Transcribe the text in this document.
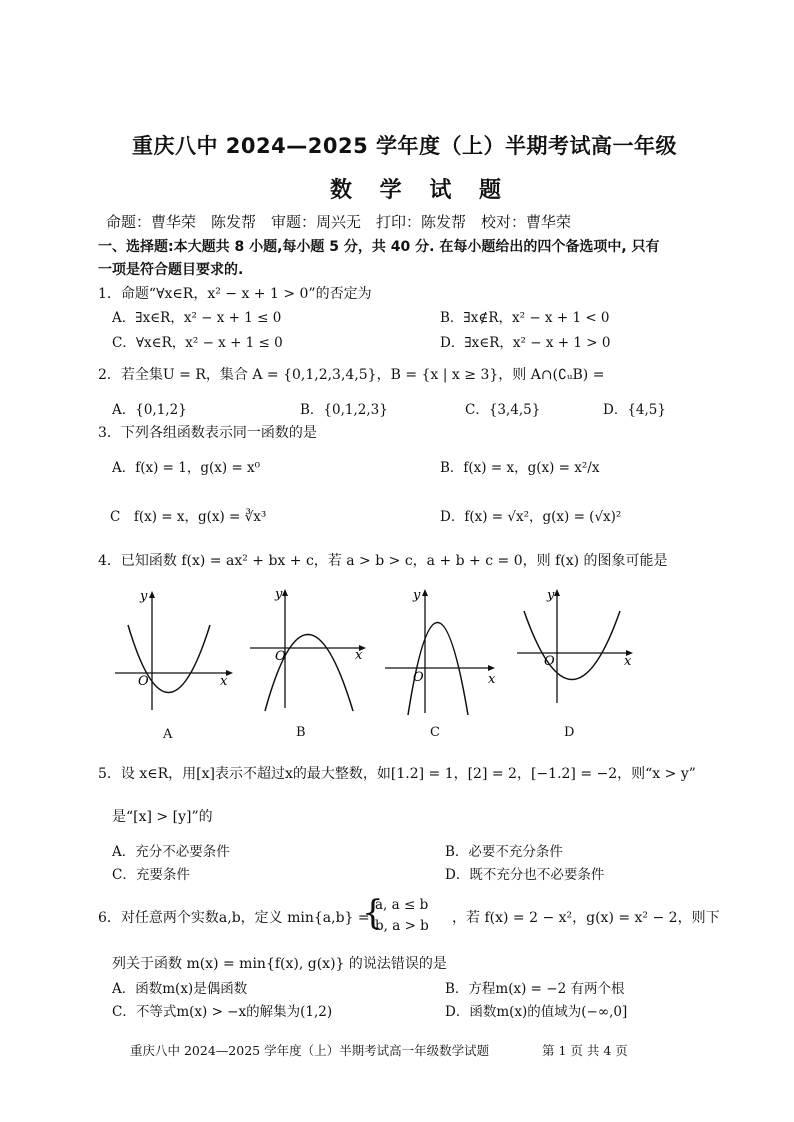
重庆八中 2024—2025 学年度（上）半期考试高一年级
数 学 试 题
命题：曹华荣　陈发帮　审题：周兴无　打印：陈发帮　校对：曹华荣
一、选择题:本大题共 8 小题,每小题 5 分，共 40 分. 在每小题给出的四个备选项中, 只有
一项是符合题目要求的.
1．命题“∀x∈R，x² − x + 1 > 0”的否定为
A．∃x∈R，x² − x + 1 ≤ 0	B．∃x∉R，x² − x + 1 < 0
C．∀x∈R，x² − x + 1 ≤ 0	D．∃x∈R，x² − x + 1 > 0
2．若全集U = R，集合 A = {0,1,2,3,4,5}，B = {x | x ≥ 3}，则 A∩(∁ᵤB) =
A．{0,1,2}	B．{0,1,2,3}	C．{3,4,5}	D．{4,5}
3．下列各组函数表示同一函数的是
A．f(x) = 1，g(x) = x⁰	B．f(x) = x，g(x) = x²/x
C　f(x) = x，g(x) = ∛x³	D．f(x) = √x²，g(x) = (√x)²
4．已知函数 f(x) = ax² + bx + c，若 a > b > c，a + b + c = 0，则 f(x) 的图象可能是
O	x
y
O	x
y
O	x
y
O	x
y
A	B	C	D
5．设 x∈R，用[x]表示不超过x的最大整数，如[1.2] = 1，[2] = 2，[−1.2] = −2，则“x > y”
是“[x] > [y]”的
A．充分不必要条件	B．必要不充分条件
C．充要条件	D．既不充分也不必要条件
6．对任意两个实数a,b，定义 min{a,b} =
{
a, a ≤ b
b, a > b ，若 f(x) = 2 − x²，g(x) = x² − 2，则下
列关于函数 m(x) = min{f(x), g(x)} 的说法错误的是
A．函数m(x)是偶函数	B．方程m(x) = −2 有两个根
C．不等式m(x) > −x的解集为(1,2)	D．函数m(x)的值域为(−∞,0]
重庆八中 2024—2025 学年度（上）半期考试高一年级数学试题	第 1 页 共 4 页
